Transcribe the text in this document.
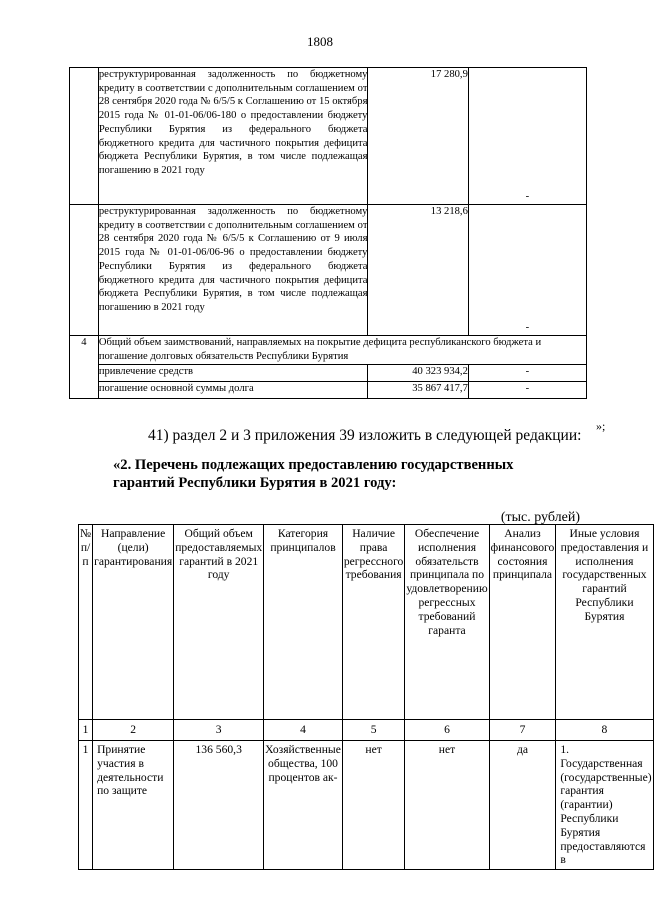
1808
	реструктурированная задолженность по бюджетному кредиту в соответствии с дополнительным соглашением от 28 сентября 2020 года № 6/5/5 к Соглашению от 15 октября 2015 года № 01-01-06/06-180 о предоставлении бюджету Республики Бурятия из федерального бюджета бюджетного кредита для частичного покрытия дефицита бюджета Республики Бурятия, в том числе подлежащая погашению в 2021 году	17 280,9	-
	реструктурированная задолженность по бюджетному кредиту в соответствии с дополнительным соглашением от 28 сентября 2020 года № 6/5/5 к Соглашению от 9 июля 2015 года № 01-01-06/06-96 о предоставлении бюджету Республики Бурятия из федерального бюджета бюджетного кредита для частичного покрытия дефицита бюджета Республики Бурятия, в том числе подлежащая погашению в 2021 году	13 218,6	-
4	Общий объем заимствований, направляемых на покрытие дефицита республиканского бюджета и погашение долговых обязательств Республики Бурятия		
	привлечение средств	40 323 934,2	-
	погашение основной суммы долга	35 867 417,7	-
»;
41) раздел 2 и 3 приложения 39 изложить в следующей редакции:
«2. Перечень подлежащих предоставлению государственных гарантий Республики Бурятия в 2021 году:
(тыс. рублей)
№ п/п	Направление (цели) гарантирования	Общий объем предоставляемых гарантий в 2021 году	Категория принципалов	Наличие права регрессного требования	Обеспечение исполнения обязательств принципала по удовлетворению регрессных требований гаранта	Анализ финансового состояния принципала	Иные условия предоставления и исполнения государственных гарантий Республики Бурятия
1	2	3	4	5	6	7	8
1	Принятие участия в деятельности по защите	136 560,3	Хозяйственные общества, 100 процентов ак-	нет	нет	да	1. Государственная (государственные) гарантия (гарантии) Республики Бурятия предоставляются в
